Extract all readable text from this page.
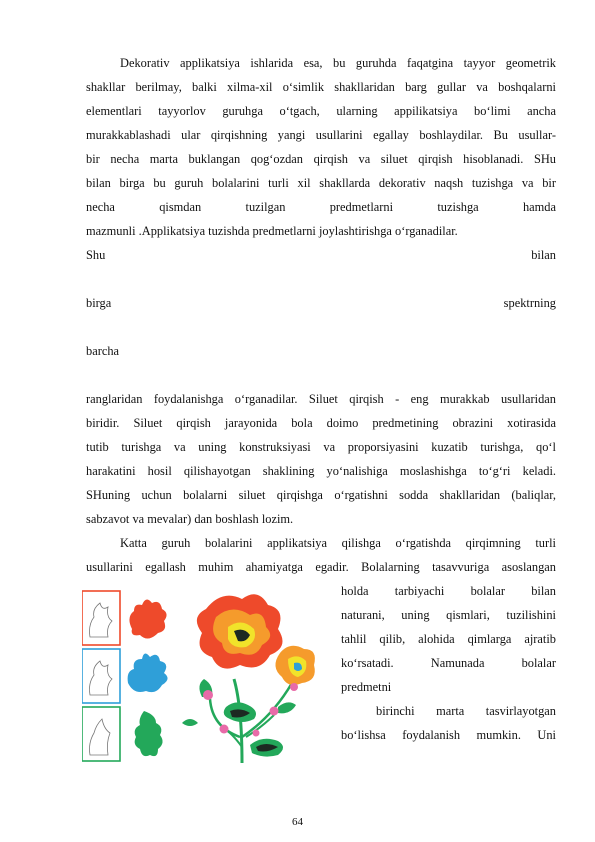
Dekorativ applikatsiya ishlarida esa, bu guruhda faqatgina tayyor geometrik
shakllar berilmay, balki xilma-xil o‘simlik shakllaridan barg gullar va boshqalarni
elementlari tayyorlov guruhga o‘tgach, ularning appilikatsiya bo‘limi ancha
murakkablashadi ular qirqishning yangi usullarini egallay boshlaydilar. Bu usullar-
bir necha marta buklangan qog‘ozdan qirqish va siluet qirqish hisoblanadi. SHu
bilan birga bu guruh bolalarini turli xil shakllarda dekorativ naqsh tuzishga va bir
necha qismdan tuzilgan predmetlarni tuzishga hamda
mazmunli .Applikatsiya tuzishda predmetlarni joylashtirishga o‘rganadilar.
Shu bilan
birga spektrning
barcha
ranglaridan foydalanishga o‘rganadilar. Siluet qirqish - eng murakkab usullaridan
biridir. Siluet qirqish jarayonida bola doimo predmetining obrazini xotirasida
tutib turishga va uning konstruksiyasi va proporsiyasini kuzatib turishga, qo‘l
harakatini hosil qilishayotgan shaklining yo‘nalishiga moslashishga to‘g‘ri keladi.
SHuning uchun bolalarni siluet qirqishga o‘rgatishni sodda shakllaridan (baliqlar,
sabzavot va mevalar) dan boshlash lozim.
Katta guruh bolalarini applikatsiya qilishga o‘rgatishda qirqimning turli
usullarini egallash muhim ahamiyatga egadir. Bolalarning tasavvuriga asoslangan
holda tarbiyachi bolalar bilan
naturani, uning qismlari, tuzilishini
tahlil qilib, alohida qimlarga ajratib
ko‘rsatadi. Namunada bolalar
predmetni
birinchi marta tasvirlayotgan
bo‘lishsa foydalanish mumkin. Uni
64
